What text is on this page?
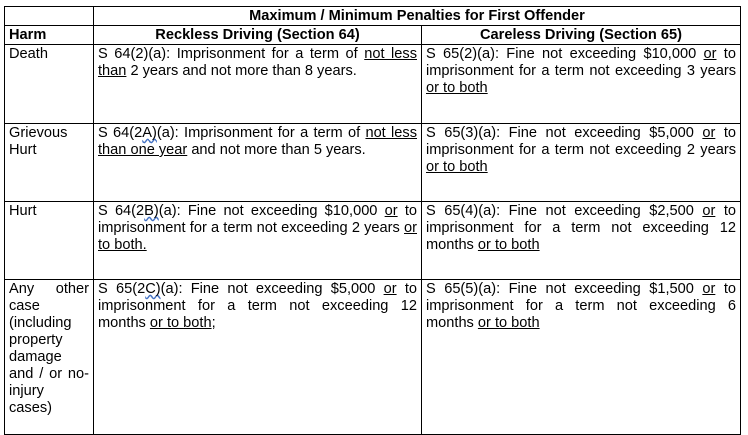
	Maximum / Minimum Penalties for First Offender	
Harm	Reckless Driving (Section 64)	Careless Driving (Section 65)
Death	S 64(2)(a): Imprisonment for a term of not less than 2 years and not more than 8 years.	S 65(2)(a): Fine not exceeding $10,000 or to imprisonment for a term not exceeding 3 years or to both
Grievous Hurt	S 64(2A)(a): Imprisonment for a term of not less than one year and not more than 5 years.	S 65(3)(a): Fine not exceeding $5,000 or to imprisonment for a term not exceeding 2 years or to both
Hurt	S 64(2B)(a): Fine not exceeding $10,000 or to imprisonment for a term not exceeding 2 years or to both.	S 65(4)(a): Fine not exceeding $2,500 or to imprisonment for a term not exceeding 12 months or to both
Any other case (including property damage and / or no-injury cases)	S 65(2C)(a): Fine not exceeding $5,000 or to imprisonment for a term not exceeding 12 months or to both;	S 65(5)(a): Fine not exceeding $1,500 or to imprisonment for a term not exceeding 6 months or to both
